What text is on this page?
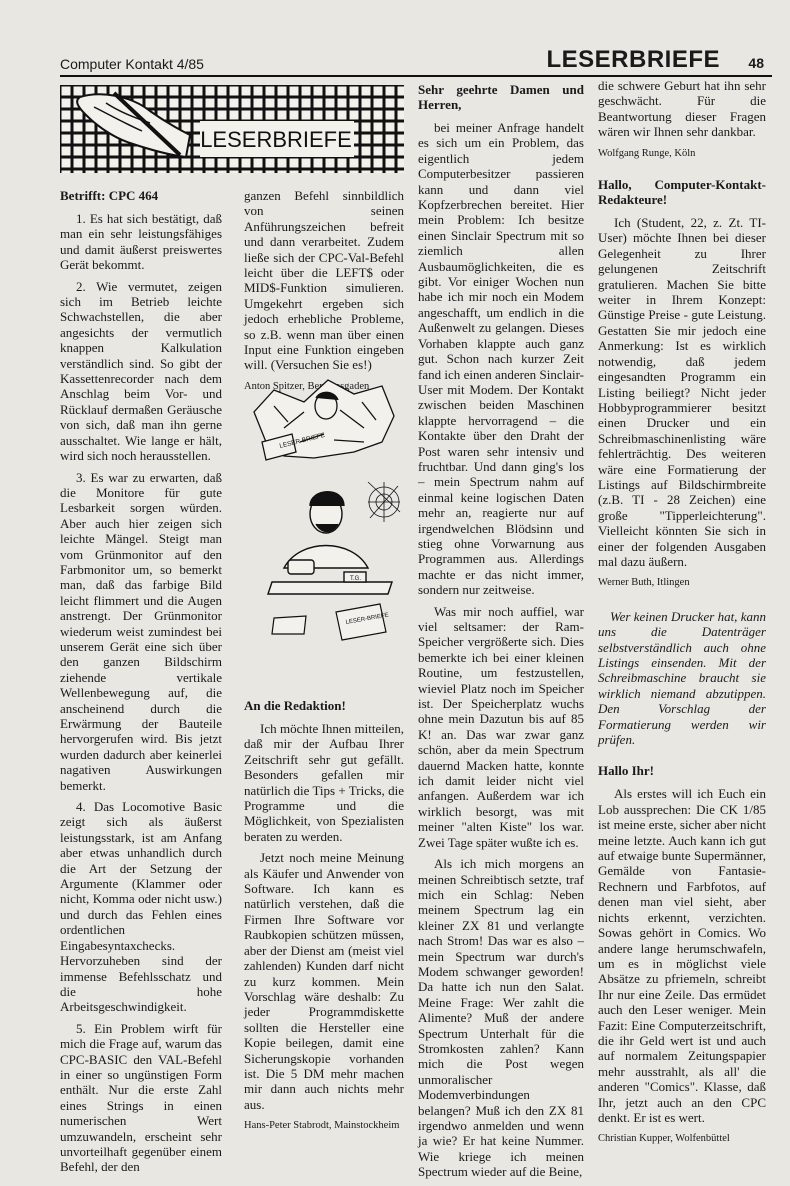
Computer Kontakt 4/85	LESERBRIEFE 48
LESERBRIEFE
Betrifft: CPC 464

1. Es hat sich bestätigt, daß man ein sehr leistungsfähiges und damit äußerst preiswertes Gerät bekommt.

2. Wie vermutet, zeigen sich im Betrieb leichte Schwachstellen, die aber angesichts der vermutlich knappen Kalkulation verständlich sind. So gibt der Kassettenrecorder nach dem Anschlag beim Vor- und Rücklauf dermaßen Geräusche von sich, daß man ihn gerne ausschaltet. Wie lange er hält, wird sich noch herausstellen.

3. Es war zu erwarten, daß die Monitore für gute Lesbarkeit sorgen würden. Aber auch hier zeigen sich leichte Mängel. Steigt man vom Grünmonitor auf den Farbmonitor um, so bemerkt man, daß das farbige Bild leicht flimmert und die Augen anstrengt. Der Grünmonitor wiederum weist zumindest bei unserem Gerät eine sich über den ganzen Bildschirm ziehende vertikale Wellenbewegung auf, die anscheinend durch die Erwärmung der Bauteile hervorgerufen wird. Bis jetzt wurden dadurch aber keinerlei nagativen Auswirkungen bemerkt.

4. Das Locomotive Basic zeigt sich als äußerst leistungsstark, ist am Anfang aber etwas unhandlich durch die Art der Setzung der Argumente (Klammer oder nicht, Komma oder nicht usw.) und durch das Fehlen eines ordentlichen Eingabesyntaxchecks. Hervorzuheben sind der immense Befehlsschatz und die hohe Arbeitsgeschwindigkeit.

5. Ein Problem wirft für mich die Frage auf, warum das CPC-BASIC den VAL-Befehl in einer so ungünstigen Form enthält. Nur die erste Zahl eines Strings in einen numerischen Wert umzuwandeln, erscheint sehr unvorteilhaft gegenüber einem Befehl, der den

ganzen Befehl sinnbildlich von seinen Anführungszeichen befreit und dann verarbeitet. Zudem ließe sich der CPC-Val-Befehl leicht über die LEFT$ oder MID$-Funktion simulieren. Umgekehrt ergeben sich jedoch erhebliche Probleme, so z.B. wenn man über einen Input eine Funktion eingeben will. (Versuchen Sie es!)

Anton Spitzer, Berchtesgaden

LESER BRIEFE
LESER-BRIEFE
T.G.
An die Redaktion!

Ich möchte Ihnen mitteilen, daß mir der Aufbau Ihrer Zeitschrift sehr gut gefällt. Besonders gefallen mir natürlich die Tips + Tricks, die Programme und die Möglichkeit, von Spezialisten beraten zu werden.

Jetzt noch meine Meinung als Käufer und Anwender von Software. Ich kann es natürlich verstehen, daß die Firmen Ihre Software vor Raubkopien schützen müssen, aber der Dienst am (meist viel zahlenden) Kunden darf nicht zu kurz kommen. Mein Vorschlag wäre deshalb: Zu jeder Programmdiskette sollten die Hersteller eine Kopie beilegen, damit eine Sicherungskopie vorhanden ist. Die 5 DM mehr machen mir dann auch nichts mehr aus.

Hans-Peter Stabrodt, Mainstockheim

Sehr geehrte Damen und Herren,

bei meiner Anfrage handelt es sich um ein Problem, das eigentlich jedem Computerbesitzer passieren kann und dann viel Kopfzerbrechen bereitet. Hier mein Problem: Ich besitze einen Sinclair Spectrum mit so ziemlich allen Ausbaumöglichkeiten, die es gibt. Vor einiger Wochen nun habe ich mir noch ein Modem angeschafft, um endlich in die Außenwelt zu gelangen. Dieses Vorhaben klappte auch ganz gut. Schon nach kurzer Zeit fand ich einen anderen Sinclair-User mit Modem. Der Kontakt zwischen beiden Maschinen klappte hervorragend – die Kontakte über den Draht der Post waren sehr intensiv und fruchtbar. Und dann ging's los – mein Spectrum nahm auf einmal keine logischen Daten mehr an, reagierte nur auf irgendwelchen Blödsinn und stieg ohne Vorwarnung aus Programmen aus. Allerdings machte er das nicht immer, sondern nur zeitweise.

Was mir noch auffiel, war viel seltsamer: der Ram-Speicher vergrößerte sich. Dies bemerkte ich bei einer kleinen Routine, um festzustellen, wieviel Platz noch im Speicher ist. Der Speicherplatz wuchs ohne mein Dazutun bis auf 85 K! an. Das war zwar ganz schön, aber da mein Spectrum dauernd Macken hatte, konnte ich damit leider nicht viel anfangen. Außerdem war ich wirklich besorgt, was mit meiner "alten Kiste" los war. Zwei Tage später wußte ich es.

Als ich mich morgens an meinen Schreibtisch setzte, traf mich ein Schlag: Neben meinem Spectrum lag ein kleiner ZX 81 und verlangte nach Strom! Das war es also – mein Spectrum war durch's Modem schwanger geworden! Da hatte ich nun den Salat. Meine Frage: Wer zahlt die Alimente? Muß der andere Spectrum Unterhalt für die Stromkosten zahlen? Kann mich die Post wegen unmoralischer Modemverbindungen belangen? Muß ich den ZX 81 irgendwo anmelden und wenn ja wie? Er hat keine Nummer. Wie kriege ich meinen Spectrum wieder auf die Beine,

die schwere Geburt hat ihn sehr geschwächt. Für die Beantwortung dieser Fragen wären wir Ihnen sehr dankbar.

Wolfgang Runge, Köln

Hallo, Computer-Kontakt-Redakteure!

Ich (Student, 22, z. Zt. TI-User) möchte Ihnen bei dieser Gelegenheit zu Ihrer gelungenen Zeitschrift gratulieren. Machen Sie bitte weiter in Ihrem Konzept: Günstige Preise - gute Leistung. Gestatten Sie mir jedoch eine Anmerkung: Ist es wirklich notwendig, daß jedem eingesandten Programm ein Listing beiliegt? Nicht jeder Hobbyprogrammierer besitzt einen Drucker und ein Schreibmaschinenlisting wäre fehlerträchtig. Des weiteren wäre eine Formatierung der Listings auf Bildschirmbreite (z.B. TI - 28 Zeichen) eine große "Tipperleichterung". Vielleicht könnten Sie sich in einer der folgenden Ausgaben mal dazu äußern.

Werner Buth, Itlingen

Wer keinen Drucker hat, kann uns die Datenträger selbstverständlich auch ohne Listings einsenden. Mit der Schreibmaschine braucht sie wirklich niemand abzutippen. Den Vorschlag der Formatierung werden wir prüfen.

Hallo Ihr!

Als erstes will ich Euch ein Lob aussprechen: Die CK 1/85 ist meine erste, sicher aber nicht meine letzte. Auch kann ich gut auf etwaige bunte Supermänner, Gemälde von Fantasie-Rechnern und Farbfotos, auf denen man viel sieht, aber nichts erkennt, verzichten. Sowas gehört in Comics. Wo andere lange herumschwafeln, um es in möglichst viele Absätze zu pfriemeln, schreibt Ihr nur eine Zeile. Das ermüdet auch den Leser weniger. Mein Fazit: Eine Computerzeitschrift, die ihr Geld wert ist und auch auf normalem Zeitungspapier mehr ausstrahlt, als all' die anderen "Comics". Klasse, daß Ihr, jetzt auch an den CPC denkt. Er ist es wert.

Christian Kupper, Wolfenbüttel
